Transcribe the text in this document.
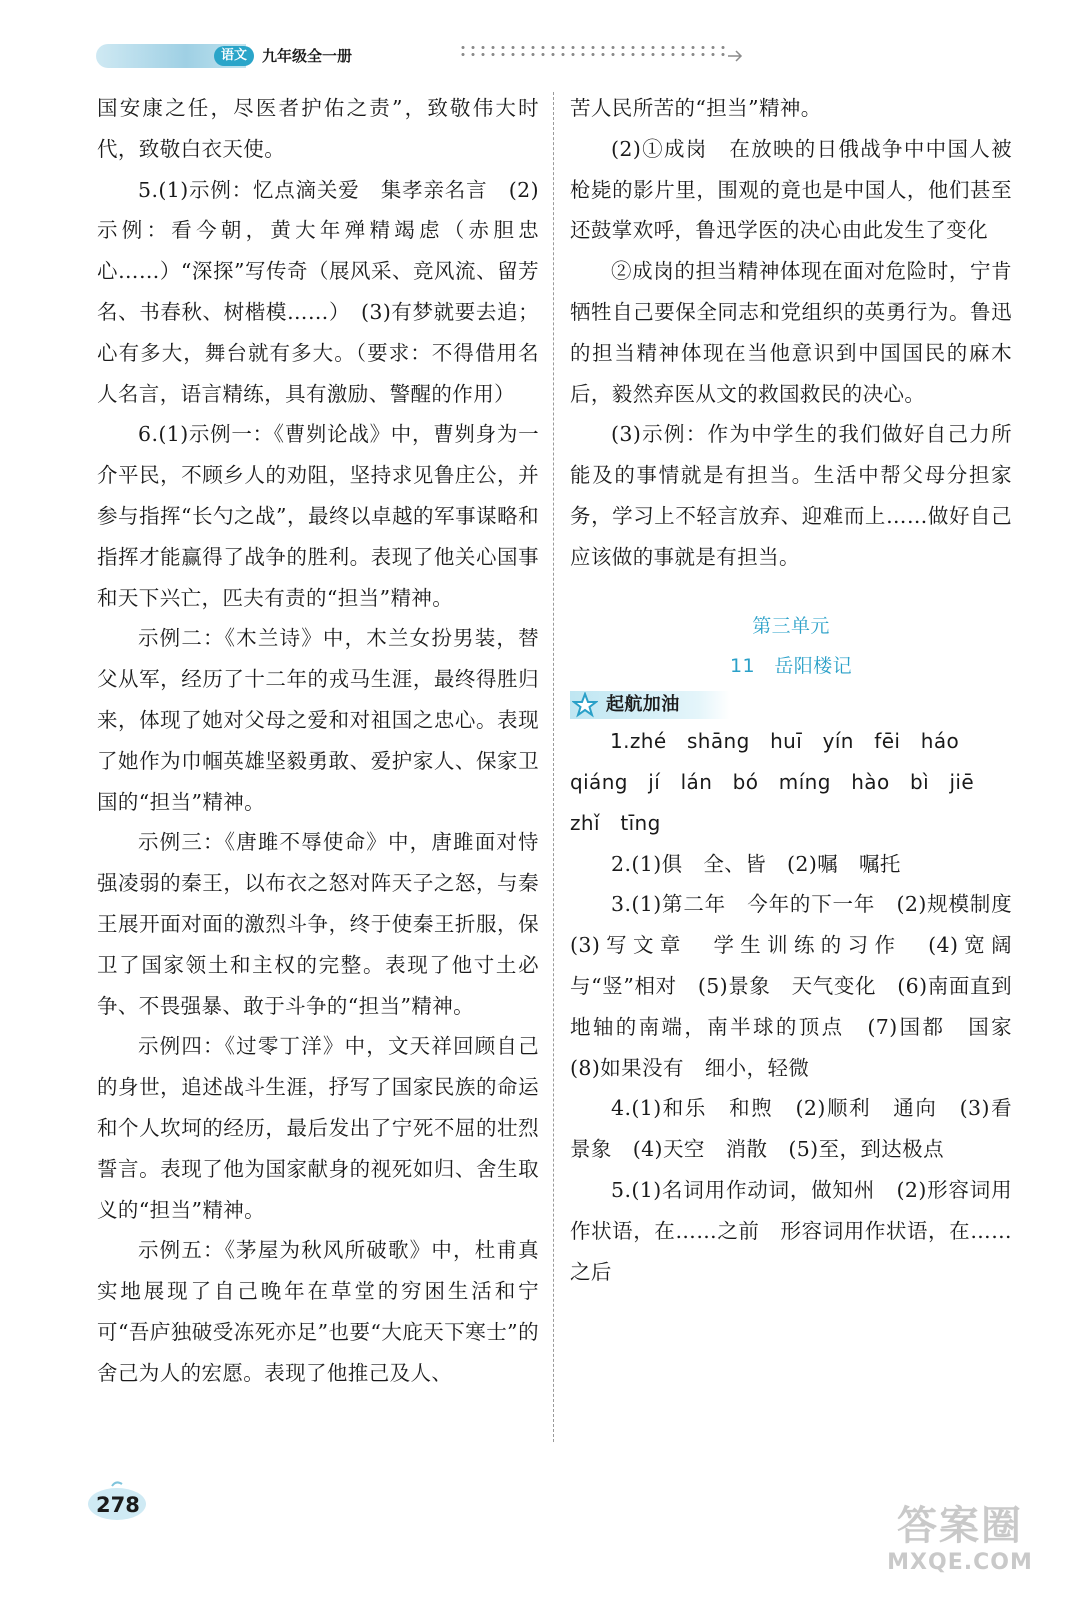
语文	九年级全一册

国安康之任，尽医者护佑之责”，致敬伟大时代，致敬白衣天使。

5.(1)示例：忆点滴关爱　集孝亲名言　(2)示例：看今朝，黄大年殚精竭虑（赤胆忠心……）“深探”写传奇（展风采、竞风流、留芳名、书春秋、树楷模……）　(3)有梦就要去追；心有多大，舞台就有多大。（要求：不得借用名人名言，语言精练，具有激励、警醒的作用）

6.(1)示例一：《曹刿论战》中，曹刿身为一介平民，不顾乡人的劝阻，坚持求见鲁庄公，并参与指挥“长勺之战”，最终以卓越的军事谋略和指挥才能赢得了战争的胜利。表现了他关心国事和天下兴亡，匹夫有责的“担当”精神。

示例二：《木兰诗》中，木兰女扮男装，替父从军，经历了十二年的戎马生涯，最终得胜归来，体现了她对父母之爱和对祖国之忠心。表现了她作为巾帼英雄坚毅勇敢、爱护家人、保家卫国的“担当”精神。

示例三：《唐雎不辱使命》中，唐雎面对恃强凌弱的秦王，以布衣之怒对阵天子之怒，与秦王展开面对面的激烈斗争，终于使秦王折服，保卫了国家领土和主权的完整。表现了他寸土必争、不畏强暴、敢于斗争的“担当”精神。

示例四：《过零丁洋》中，文天祥回顾自己的身世，追述战斗生涯，抒写了国家民族的命运和个人坎坷的经历，最后发出了宁死不屈的壮烈誓言。表现了他为国家献身的视死如归、舍生取义的“担当”精神。

示例五：《茅屋为秋风所破歌》中，杜甫真实地展现了自己晚年在草堂的穷困生活和宁可“吾庐独破受冻死亦足”也要“大庇天下寒士”的舍己为人的宏愿。表现了他推己及人、

苦人民所苦的“担当”精神。

(2)①成岗　在放映的日俄战争中中国人被枪毙的影片里，围观的竟也是中国人，他们甚至还鼓掌欢呼，鲁迅学医的决心由此发生了变化

②成岗的担当精神体现在面对危险时，宁肯牺牲自己要保全同志和党组织的英勇行为。鲁迅的担当精神体现在当他意识到中国国民的麻木后，毅然弃医从文的救国救民的决心。

(3)示例：作为中学生的我们做好自己力所能及的事情就是有担当。生活中帮父母分担家务，学习上不轻言放弃、迎难而上……做好自己应该做的事就是有担当。

第三单元

11　岳阳楼记

起航加油

1.zhé　shāng　huī　yín　fēi　háo

qiáng　jí　lán　bó　míng　hào　bì　jiē

zhǐ　tīng

2.(1)俱　全、皆　(2)嘱　嘱托

3.(1)第二年　今年的下一年　(2)规模制度　(3)写文章　学生训练的习作　(4)宽阔　与“竖”相对　(5)景象　天气变化　(6)南面直到　地轴的南端，南半球的顶点　(7)国都　国家　(8)如果没有　细小，轻微

4.(1)和乐　和煦　(2)顺利　通向　(3)看　景象　(4)天空　消散　(5)至，到达极点

5.(1)名词用作动词，做知州　(2)形容词用作状语，在……之前　形容词用作状语，在……之后

278	答案圈
MXQE.COM
